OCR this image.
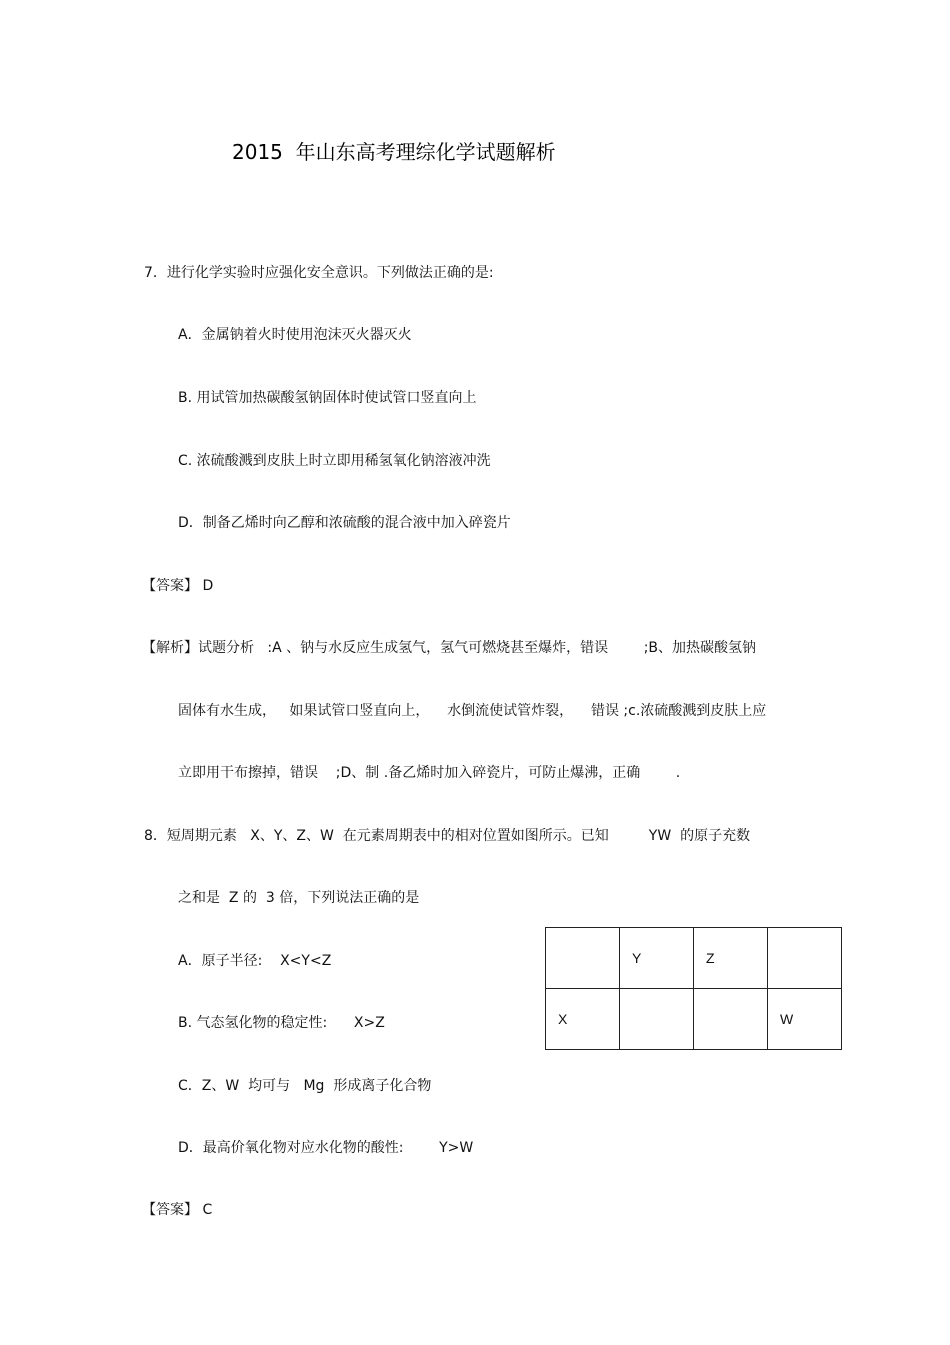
2015  年山东高考理综化学试题解析
7．进行化学实验时应强化安全意识。下列做法正确的是:
A．金属钠着火时使用泡沫灭火器灭火
B. 用试管加热碳酸氢钠固体时使试管口竖直向上
C. 浓硫酸溅到皮肤上时立即用稀氢氧化钠溶液冲洗
D．制备乙烯时向乙醇和浓硫酸的混合液中加入碎瓷片
【答案】 D
【解析】试题分析   :A 、钠与水反应生成氢气，氢气可燃烧甚至爆炸，错误        ;B、加热碳酸氢钠
固体有水生成，   如果试管口竖直向上，    水倒流使试管炸裂，    错误 ;c.浓硫酸溅到皮肤上应
立即用干布擦掉，错误    ;D、制 .备乙烯时加入碎瓷片，可防止爆沸，正确        .
8．短周期元素   X、Y、Z、W  在元素周期表中的相对位置如图所示。已知         YW  的原子充数
之和是  Z 的  3 倍，下列说法正确的是
A．原子半径:    X<Y<Z
B. 气态氢化物的稳定性:      X>Z
C．Z、W  均可与   Mg  形成离子化合物
D．最高价氧化物对应水化物的酸性:        Y>W
【答案】 C
	Y	Z	
X			W
